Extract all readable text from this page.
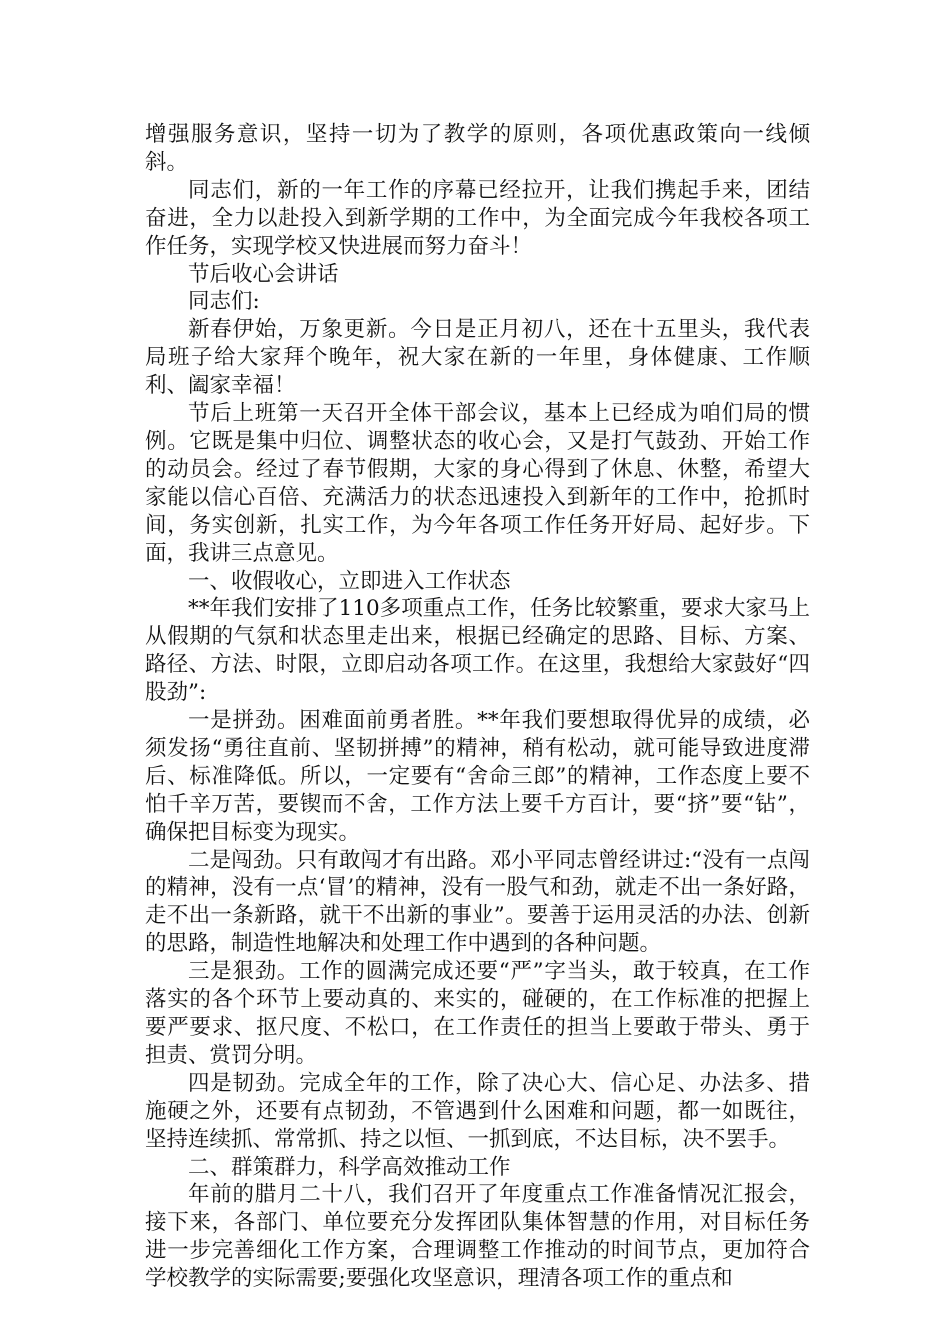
增强服务意识，坚持一切为了教学的原则，各项优惠政策向一线倾斜。

同志们，新的一年工作的序幕已经拉开，让我们携起手来，团结奋进，全力以赴投入到新学期的工作中，为全面完成今年我校各项工作任务，实现学校又快进展而努力奋斗！

节后收心会讲话

同志们:

新春伊始，万象更新。今日是正月初八，还在十五里头，我代表局班子给大家拜个晚年，祝大家在新的一年里，身体健康、工作顺利、阖家幸福！

节后上班第一天召开全体干部会议，基本上已经成为咱们局的惯例。它既是集中归位、调整状态的收心会，又是打气鼓劲、开始工作的动员会。经过了春节假期，大家的身心得到了休息、休整，希望大家能以信心百倍、充满活力的状态迅速投入到新年的工作中，抢抓时间，务实创新，扎实工作，为今年各项工作任务开好局、起好步。下面，我讲三点意见。

一、收假收心，立即进入工作状态

**年我们安排了110多项重点工作，任务比较繁重，要求大家马上从假期的气氛和状态里走出来，根据已经确定的思路、目标、方案、路径、方法、时限，立即启动各项工作。在这里，我想给大家鼓好“四股劲”:

一是拼劲。困难面前勇者胜。**年我们要想取得优异的成绩，必须发扬“勇往直前、坚韧拼搏”的精神，稍有松动，就可能导致进度滞后、标准降低。所以，一定要有“舍命三郎”的精神，工作态度上要不怕千辛万苦，要锲而不舍，工作方法上要千方百计，要“挤”要“钻”，确保把目标变为现实。

二是闯劲。只有敢闯才有出路。邓小平同志曾经讲过:“没有一点闯的精神，没有一点‘冒’的精神，没有一股气和劲，就走不出一条好路，走不出一条新路，就干不出新的事业”。要善于运用灵活的办法、创新的思路，制造性地解决和处理工作中遇到的各种问题。

三是狠劲。工作的圆满完成还要“严”字当头，敢于较真，在工作落实的各个环节上要动真的、来实的，碰硬的，在工作标准的把握上要严要求、抠尺度、不松口，在工作责任的担当上要敢于带头、勇于担责、赏罚分明。

四是韧劲。完成全年的工作，除了决心大、信心足、办法多、措施硬之外，还要有点韧劲，不管遇到什么困难和问题，都一如既往，坚持连续抓、常常抓、持之以恒、一抓到底，不达目标，决不罢手。

二、群策群力，科学高效推动工作

年前的腊月二十八，我们召开了年度重点工作准备情况汇报会，接下来，各部门、单位要充分发挥团队集体智慧的作用，对目标任务进一步完善细化工作方案，合理调整工作推动的时间节点，更加符合学校教学的实际需要;要强化攻坚意识，理清各项工作的重点和
